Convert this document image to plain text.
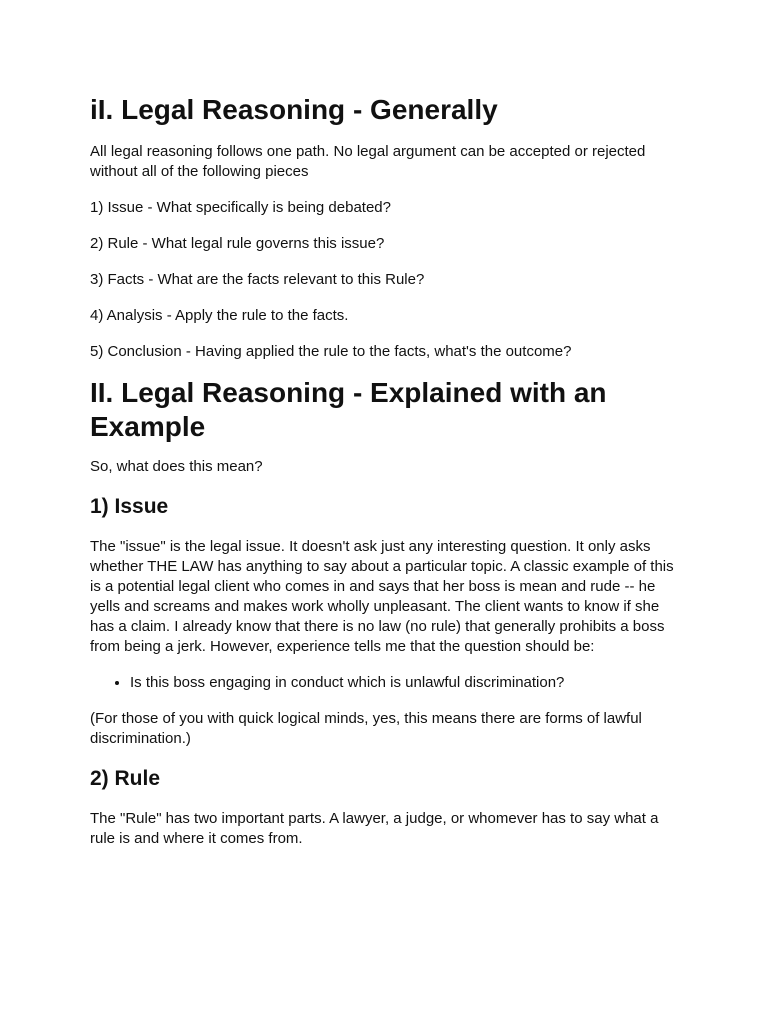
iI. Legal Reasoning - Generally

All legal reasoning follows one path. No legal argument can be accepted or rejected without all of the following pieces

1) Issue - What specifically is being debated?

2) Rule - What legal rule governs this issue?

3) Facts - What are the facts relevant to this Rule?

4) Analysis - Apply the rule to the facts.

5) Conclusion - Having applied the rule to the facts, what's the outcome?

II. Legal Reasoning - Explained with an Example

So, what does this mean?

1) Issue

The "issue" is the legal issue. It doesn't ask just any interesting question. It only asks whether THE LAW has anything to say about a particular topic. A classic example of this is a potential legal client who comes in and says that her boss is mean and rude -- he yells and screams and makes work wholly unpleasant. The client wants to know if she has a claim. I already know that there is no law (no rule) that generally prohibits a boss from being a jerk. However, experience tells me that the question should be:

• Is this boss engaging in conduct which is unlawful discrimination?

(For those of you with quick logical minds, yes, this means there are forms of lawful discrimination.)

2) Rule

The "Rule" has two important parts. A lawyer, a judge, or whomever has to say what a rule is and where it comes from.
